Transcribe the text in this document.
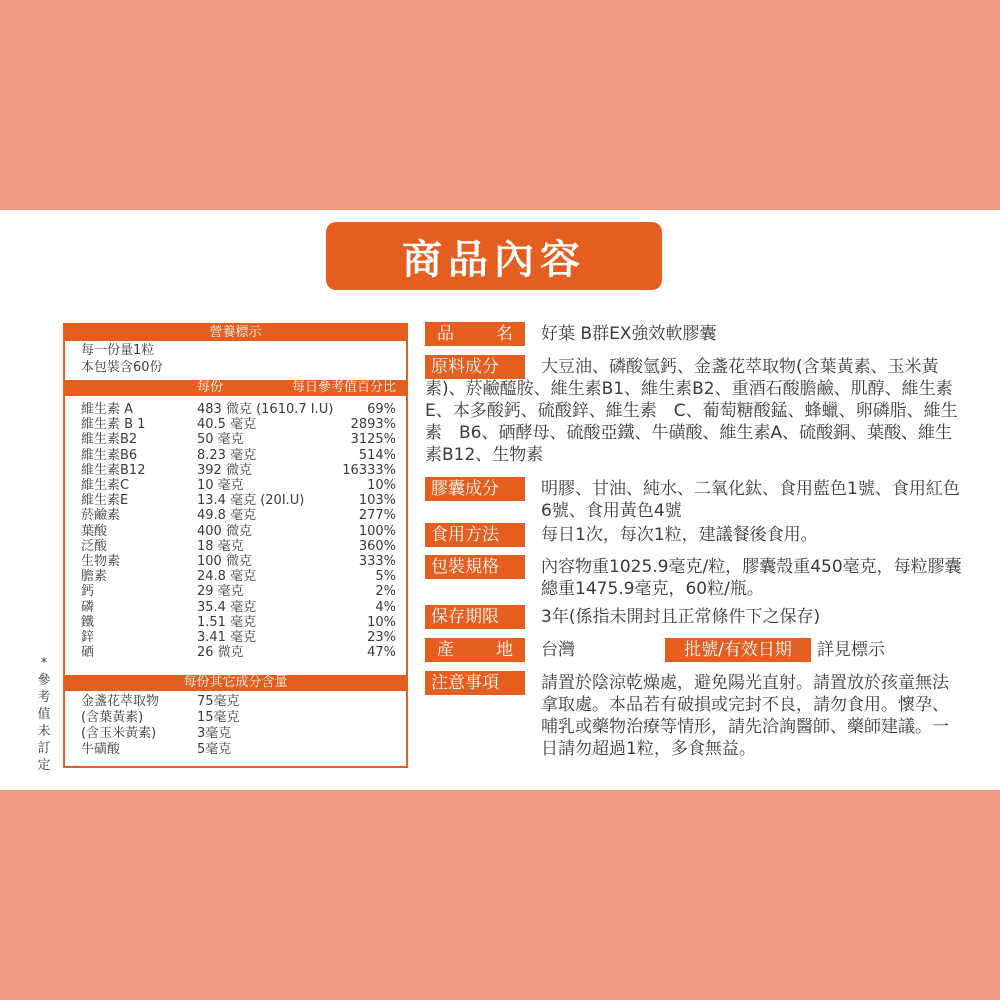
商品內容
營養標示
每一份量1粒
本包裝含60份
每份	每日參考值百分比
維生素 A	483 微克 (1610.7 I.U)	69%
維生素 B 1	40.5 毫克	2893%
維生素B2	50 毫克	3125%
維生素B6	8.23 毫克	514%
維生素B12	392 微克	16333%
維生素C	10 毫克	10%
維生素E	13.4 毫克 (20I.U)	103%
菸鹼素	49.8 毫克	277%
葉酸	400 微克	100%
泛酸	18 毫克	360%
生物素	100 微克	333%
膽素	24.8 毫克	5%
鈣	29 毫克	2%
磷	35.4 毫克	4%
鐵	1.51 毫克	10%
鋅	3.41 毫克	23%
硒	26 微克	47%
每份其它成分含量
金盞花萃取物	75毫克
(含葉黃素)	15毫克
(含玉米黃素)	3毫克
牛磺酸	5毫克
*參考值未訂定
品 名 好葉 B群EX強效軟膠囊
原料成分	大豆油、磷酸氫鈣、金盞花萃取物(含葉黃素、玉米黃素)、菸鹼醯胺、維生素B1、維生素B2、重酒石酸膽鹼、肌醇、維生素E、本多酸鈣、硫酸鋅、維生素　C、葡萄糖酸錳、蜂蠟、卵磷脂、維生素　B6、硒酵母、硫酸亞鐵、牛磺酸、維生素A、硫酸銅、葉酸、維生素B12、生物素
膠囊成分 明膠、甘油、純水、二氧化鈦、食用藍色1號、食用紅色6號、食用黃色4號
食用方法 每日1次，每次1粒，建議餐後食用。
包裝規格 內容物重1025.9毫克/粒，膠囊殼重450毫克，每粒膠囊總重1475.9毫克，60粒/瓶。
保存期限 3年(係指未開封且正常條件下之保存)
產 地 台灣	批號/有效日期	詳見標示
注意事項 請置於陰涼乾燥處，避免陽光直射。請置放於孩童無法拿取處。本品若有破損或完封不良，請勿食用。懷孕、哺乳或藥物治療等情形，請先洽詢醫師、藥師建議。一日請勿超過1粒，多食無益。
